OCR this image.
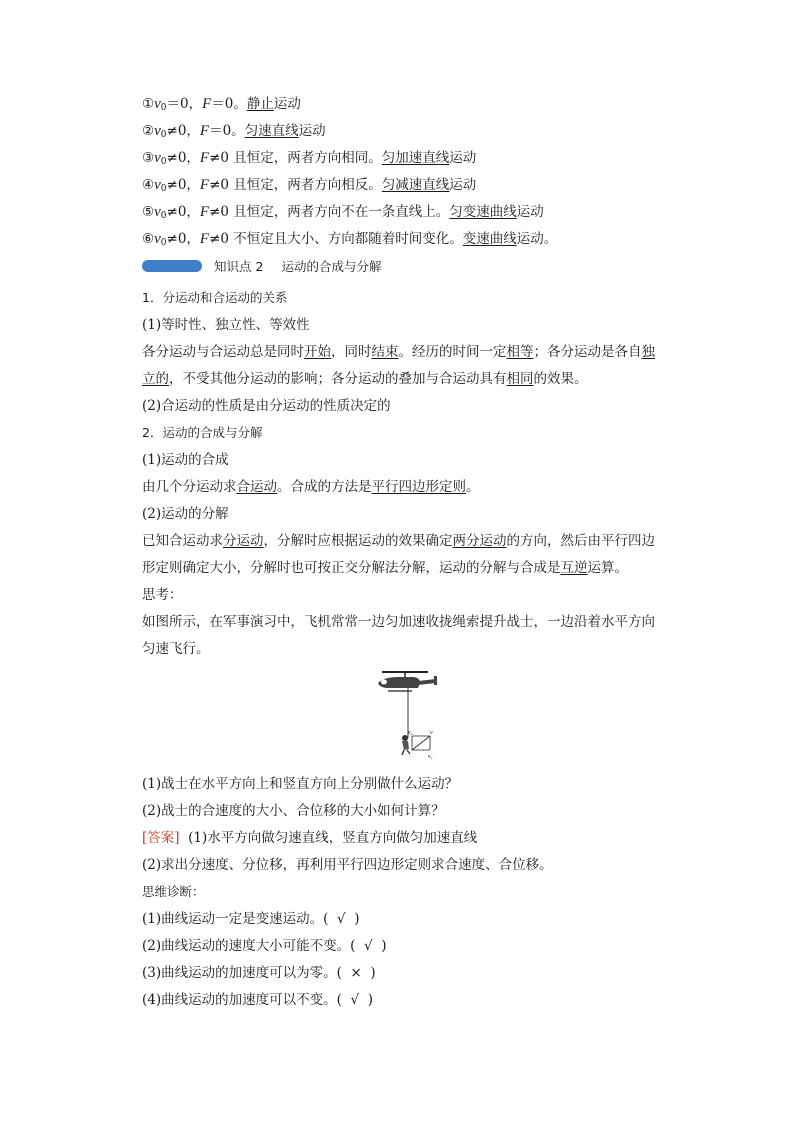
$①v_0=0$，F＝0。静止运动
$②v_0\ne 0$，F＝0。匀速直线运动
$③v_0\ne 0$，F≠0 且恒定，两者方向相同。匀加速直线运动
$④v_0\ne 0$，F≠0 且恒定，两者方向相反。匀减速直线运动
$⑤v_0\ne 0$，F≠0 且恒定，两者方向不在一条直线上。匀变速曲线运动
$⑥v_0\ne 0$，F≠0 不恒定且大小、方向都随着时间变化。变速曲线运动。
知识点 2 运动的合成与分解
1．分运动和合运动的关系
(1)等时性、独立性、等效性
各分运动与合运动总是同时开始，同时结束。经历的时间一定相等；各分运动是各自独
立的，不受其他分运动的影响；各分运动的叠加与合运动具有相同的效果。
(2)合运动的性质是由分运动的性质决定的
2．运动的合成与分解
(1)运动的合成
由几个分运动求合运动。合成的方法是平行四边形定则。
(2)运动的分解
已知合运动求分运动，分解时应根据运动的效果确定两分运动的方向，然后由平行四边
形定则确定大小，分解时也可按正交分解法分解，运动的分解与合成是互逆运算。
思考：
如图所示，在军事演习中，飞机常常一边匀加速收拢绳索提升战士，一边沿着水平方向
匀速飞行。
v₂	v
v₁
(1)战士在水平方向上和竖直方向上分别做什么运动？
(2)战士的合速度的大小、合位移的大小如何计算？
[答案] (1)水平方向做匀速直线，竖直方向做匀加速直线
(2)求出分速度、分位移，再利用平行四边形定则求合速度、合位移。
思维诊断：
(1)曲线运动一定是变速运动。( √ )
(2)曲线运动的速度大小可能不变。( √ )
(3)曲线运动的加速度可以为零。( × )
(4)曲线运动的加速度可以不变。( √ )
